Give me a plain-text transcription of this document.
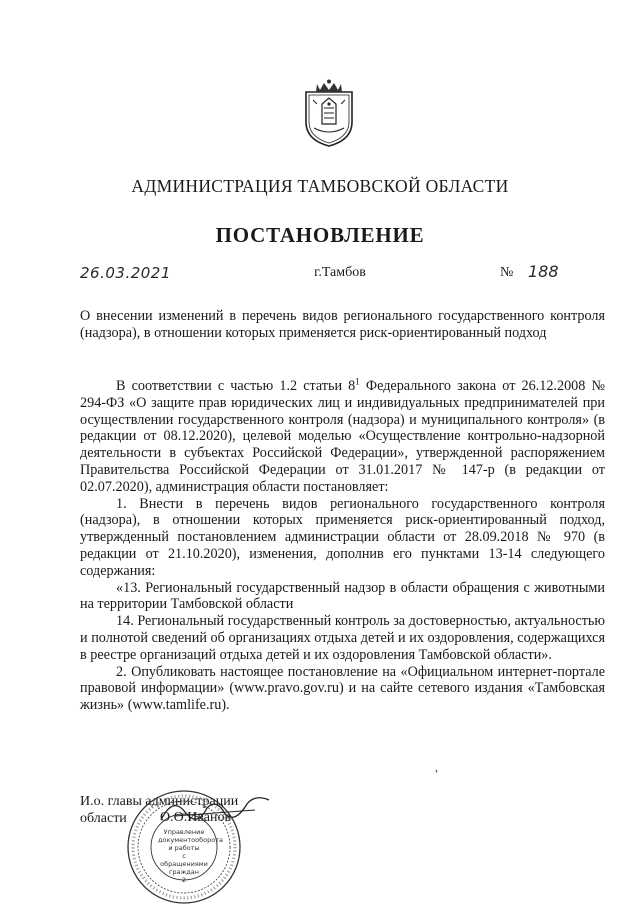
АДМИНИСТРАЦИЯ ТАМБОВСКОЙ ОБЛАСТИ
ПОСТАНОВЛЕНИЕ
26.03.2021	г.Тамбов	№ 188
О внесении изменений в перечень видов регионального государственного контроля (надзора), в отношении которых применяется риск-ориентированный подход

В соответствии с частью 1.2 статьи $8^1$ Федерального закона от 26.12.2008 № 294-ФЗ «О защите прав юридических лиц и индивидуальных предпринимателей при осуществлении государственного контроля (надзора) и муниципального контроля» (в редакции от 08.12.2020), целевой моделью «Осуществление контрольно-надзорной деятельности в субъектах Российской Федерации», утвержденной распоряжением Правительства Российской Федерации от 31.01.2017 № 147-р (в редакции от 02.07.2020), администрация области постановляет:

1. Внести в перечень видов регионального государственного контроля (надзора), в отношении которых применяется риск-ориентированный подход, утвержденный постановлением администрации области от 28.09.2018 № 970 (в редакции от 21.10.2020), изменения, дополнив его пунктами 13-14 следующего содержания:

«13. Региональный государственный надзор в области обращения с животными на территории Тамбовской области

14. Региональный государственный контроль за достоверностью, актуальностью и полнотой сведений об организациях отдыха детей и их оздоровления, содержащихся в реестре организаций отдыха детей и их оздоровления Тамбовской области».

2. Опубликовать настоящее постановление на «Официальном интернет-портале правовой информации» (www.pravo.gov.ru) и на сайте сетевого издания «Тамбовская жизнь» (www.tamlife.ru).

,
И.о. главы администрации
области	О.О.Иванов
Управление
документооборота
и работы
с обращениями
граждан
2
